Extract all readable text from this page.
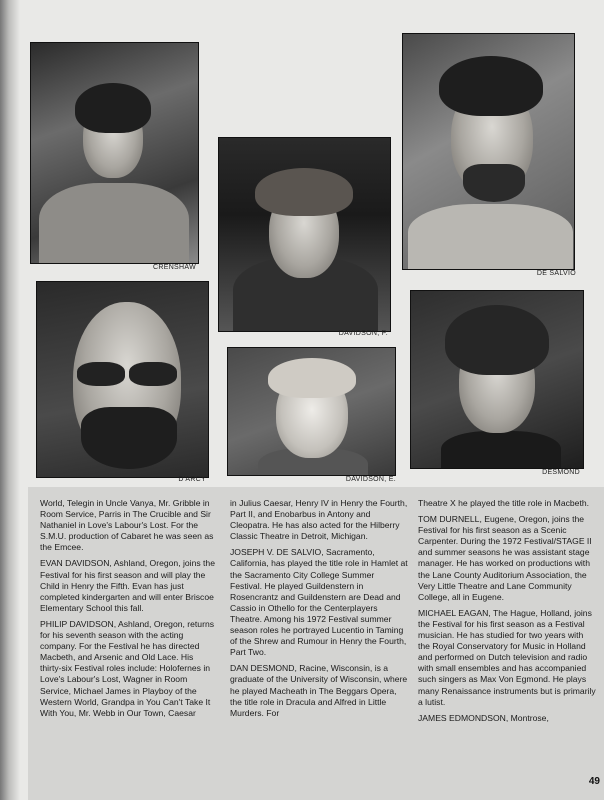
CRENSHAW
DAVIDSON, P.
DE SALVIO
D'ARCY	DAVIDSON, E.
DESMOND

World, Telegin in Uncle Vanya, Mr. Gribble in Room Service, Parris in The Crucible and Sir Nathaniel in Love's Labour's Lost. For the S.M.U. production of Cabaret he was seen as the Emcee.

EVAN DAVIDSON, Ashland, Oregon, joins the Festival for his first season and will play the Child in Henry the Fifth. Evan has just completed kindergarten and will enter Briscoe Elementary School this fall.

PHILIP DAVIDSON, Ashland, Oregon, returns for his seventh season with the acting company. For the Festival he has directed Macbeth, and Arsenic and Old Lace. His thirty-six Festival roles include: Holofernes in Love's Labour's Lost, Wagner in Room Service, Michael James in Playboy of the Western World, Grandpa in You Can't Take It With You, Mr. Webb in Our Town, Caesar

in Julius Caesar, Henry IV in Henry the Fourth, Part II, and Enobarbus in Antony and Cleopatra. He has also acted for the Hilberry Classic Theatre in Detroit, Michigan.

JOSEPH V. DE SALVIO, Sacramento, California, has played the title role in Hamlet at the Sacramento City College Summer Festival. He played Guildenstern in Rosencrantz and Guildenstern are Dead and Cassio in Othello for the Centerplayers Theatre. Among his 1972 Festival summer season roles he portrayed Lucentio in Taming of the Shrew and Rumour in Henry the Fourth, Part Two.

DAN DESMOND, Racine, Wisconsin, is a graduate of the University of Wisconsin, where he played Macheath in The Beggars Opera, the title role in Dracula and Alfred in Little Murders. For

Theatre X he played the title role in Macbeth.

TOM DURNELL, Eugene, Oregon, joins the Festival for his first season as a Scenic Carpenter. During the 1972 Festival/STAGE II and summer seasons he was assistant stage manager. He has worked on productions with the Lane County Auditorium Association, the Very Little Theatre and Lane Community College, all in Eugene.

MICHAEL EAGAN, The Hague, Holland, joins the Festival for his first season as a Festival musician. He has studied for two years with the Royal Conservatory for Music in Holland and performed on Dutch television and radio with small ensembles and has accompanied such singers as Max Von Egmond. He plays many Renaissance instruments but is primarily a lutist.

JAMES EDMONDSON, Montrose,

49
